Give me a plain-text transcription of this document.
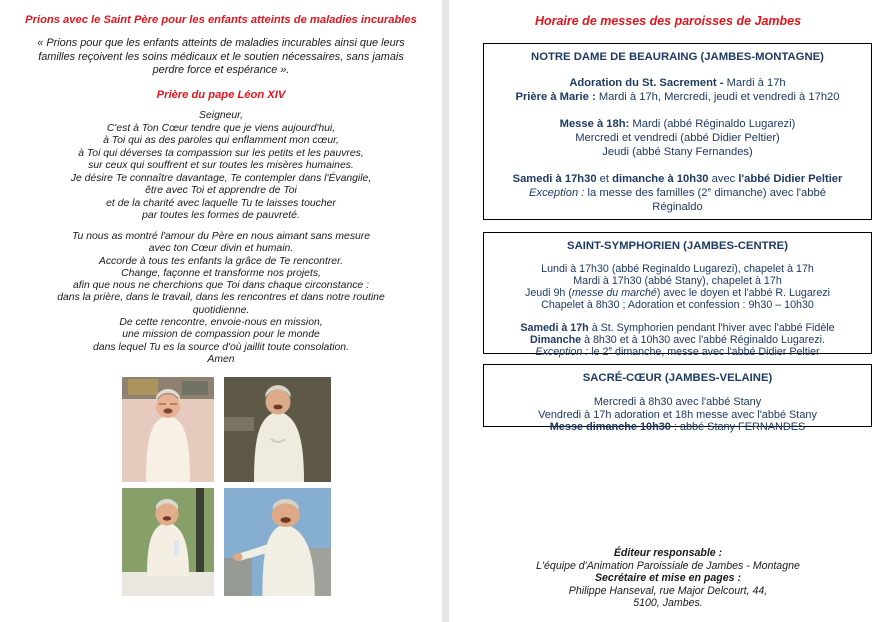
Prions avec le Saint Père pour les enfants atteints de maladies incurables
« Prions pour que les enfants atteints de maladies incurables ainsi que leurs
familles reçoivent les soins médicaux et le soutien nécessaires, sans jamais
perdre force et espérance ».
Prière du pape Léon XIV
Seigneur,
C'est à Ton Cœur tendre que je viens aujourd'hui,
à Toi qui as des paroles qui enflamment mon cœur,
à Toi qui déverses ta compassion sur les petits et les pauvres,
sur ceux qui souffrent et sur toutes les misères humaines.
Je désire Te connaître davantage, Te contempler dans l'Évangile,
être avec Toi et apprendre de Toi
et de la charité avec laquelle Tu te laisses toucher
par toutes les formes de pauvreté.
Tu nous as montré l'amour du Père en nous aimant sans mesure
avec ton Cœur divin et humain.
Accorde à tous tes enfants la grâce de Te rencontrer.
Change, façonne et transforme nos projets,
afin que nous ne cherchions que Toi dans chaque circonstance :
dans la prière, dans le travail, dans les rencontres et dans notre routine
quotidienne.
De cette rencontre, envoie-nous en mission,
une mission de compassion pour le monde
dans lequel Tu es la source d'où jaillit toute consolation.
Amen
Horaire de messes des paroisses de Jambes
NOTRE DAME DE BEAURAING (JAMBES-MONTAGNE)

Adoration du St. Sacrement - Mardi à 17h
Prière à Marie : Mardi à 17h, Mercredi, jeudi et vendredi à 17h20

Messe à 18h: Mardi (abbé Réginaldo Lugarezi)
Mercredi et vendredi (abbé Didier Peltier)
Jeudi (abbé Stany Fernandes)

Samedi à 17h30 et dimanche à 10h30 avec l'abbé Didier Peltier
Exception : la messe des familles (2e dimanche) avec l'abbé
Réginaldo
SAINT-SYMPHORIEN (JAMBES-CENTRE)

Lundi à 17h30 (abbé Reginaldo Lugarezi), chapelet à 17h
Mardi à 17h30 (abbé Stany), chapelet à 17h
Jeudi 9h (messe du marché) avec le doyen et l'abbé R. Lugarezi
Chapelet à 8h30 ; Adoration et confession : 9h30 – 10h30

Samedi à 17h à St. Symphorien pendant l'hiver avec l'abbé Fidèle
Dimanche à 8h30 et à 10h30 avec l'abbé Réginaldo Lugarezi.
Exception : le 2e dimanche, messe avec l'abbé Didier Peltier
SACRÉ-CŒUR (JAMBES-VELAINE)

Mercredi à 8h30 avec l'abbé Stany
Vendredi à 17h adoration et 18h messe avec l'abbé Stany
Messe dimanche 10h30 : abbé Stany FERNANDES
Éditeur responsable :
L'équipe d'Animation Paroissiale de Jambes - Montagne
Secrétaire et mise en pages :
Philippe Hanseval, rue Major Delcourt, 44,
5100, Jambes.
